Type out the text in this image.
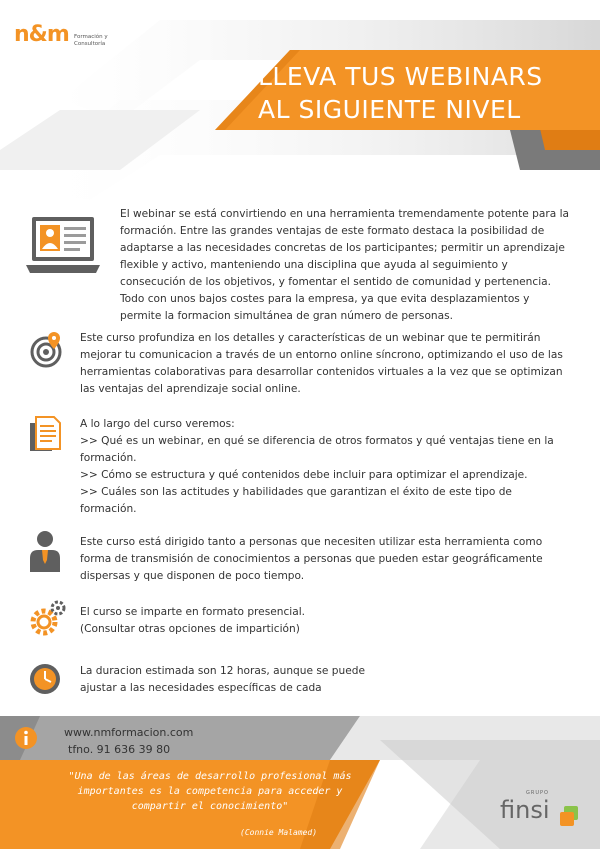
n&m Formación y
Consultoría
LLEVA TUS WEBINARS
AL SIGUIENTE NIVEL
El webinar se está convirtiendo en una herramienta tremendamente potente para la formación. Entre las grandes ventajas de este formato destaca la posibilidad de adaptarse a las necesidades concretas de los participantes; permitir un aprendizaje flexible y activo, manteniendo una disciplina que ayuda al seguimiento y consecución de los objetivos, y fomentar el sentido de comunidad y pertenencia. Todo con unos bajos costes para la empresa, ya que evita desplazamientos y permite la formacion simultánea de gran número de personas.
Este curso profundiza en los detalles y características de un webinar que te permitirán mejorar tu comunicacion a través de un entorno online síncrono, optimizando el uso de las herramientas colaborativas para desarrollar contenidos virtuales a la vez que se optimizan las ventajas del aprendizaje social online.
A lo largo del curso veremos:
>> Qué es un webinar, en qué se diferencia de otros formatos y qué ventajas tiene en la formación.
>> Cómo se estructura y qué contenidos debe incluir para optimizar el aprendizaje.
>> Cuáles son las actitudes y habilidades que garantizan el éxito de este tipo de formación.
Este curso está dirigido tanto a personas que necesiten utilizar esta herramienta como forma de transmisión de conocimientos a personas que pueden estar geográficamente dispersas y que disponen de poco tiempo.
El curso se imparte en formato presencial.
(Consultar otras opciones de impartición)
La duracion estimada son 12 horas, aunque se puede ajustar a las necesidades específicas de cada
www.nmformacion.com
tfno. 91 636 39 80
"Una de las áreas de desarrollo profesional más importantes es la competencia para acceder y compartir el conocimiento"
(Connie Malamed)
GRUPO
finsi
